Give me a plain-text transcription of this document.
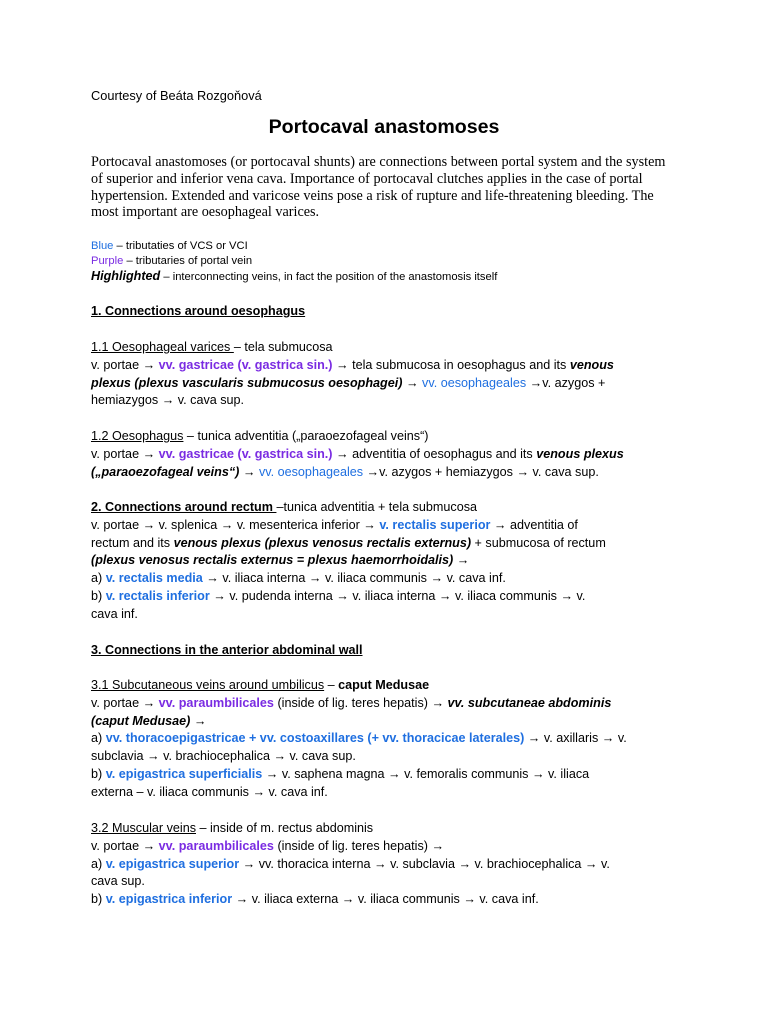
Courtesy of Beáta Rozgoňová
Portocaval anastomoses
Portocaval anastomoses (or portocaval shunts) are connections between portal system and the system of superior and inferior vena cava. Importance of portocaval clutches applies in the case of portal hypertension. Extended and varicose veins pose a risk of rupture and life-threatening bleeding. The most important are oesophageal varices.
Blue – tributaties of VCS or VCI
Purple – tributaries of portal vein
Highlighted – interconnecting veins, in fact the position of the anastomosis itself
1. Connections around oesophagus
1.1 Oesophageal varices – tela submucosa
v. portae → vv. gastricae (v. gastrica sin.) → tela submucosa in oesophagus and its venous
plexus (plexus vascularis submucosus oesophagei) → vv. oesophageales →v. azygos +
hemiazygos → v. cava sup.
1.2 Oesophagus – tunica adventitia („paraoezofageal veins“)
v. portae → vv. gastricae (v. gastrica sin.) → adventitia of oesophagus and its venous plexus
(„paraoezofageal veins“) → vv. oesophageales →v. azygos + hemiazygos → v. cava sup.
2. Connections around rectum –tunica adventitia + tela submucosa
v. portae → v. splenica → v. mesenterica inferior → v. rectalis superior → adventitia of
rectum and its venous plexus (plexus venosus rectalis externus) + submucosa of rectum
(plexus venosus rectalis externus = plexus haemorrhoidalis) →
a) v. rectalis media → v. iliaca interna → v. iliaca communis → v. cava inf.
b) v. rectalis inferior → v. pudenda interna → v. iliaca interna → v. iliaca communis → v.
cava inf.
3. Connections in the anterior abdominal wall
3.1 Subcutaneous veins around umbilicus – caput Medusae
v. portae → vv. paraumbilicales (inside of lig. teres hepatis) → vv. subcutaneae abdominis
(caput Medusae) →
a) vv. thoracoepigastricae + vv. costoaxillares (+ vv. thoracicae laterales) → v. axillaris → v.
subclavia → v. brachiocephalica → v. cava sup.
b) v. epigastrica superficialis → v. saphena magna → v. femoralis communis → v. iliaca
externa – v. iliaca communis → v. cava inf.
3.2 Muscular veins – inside of m. rectus abdominis
v. portae → vv. paraumbilicales (inside of lig. teres hepatis) →
a) v. epigastrica superior → vv. thoracica interna → v. subclavia → v. brachiocephalica → v.
cava sup.
b) v. epigastrica inferior → v. iliaca externa → v. iliaca communis → v. cava inf.
